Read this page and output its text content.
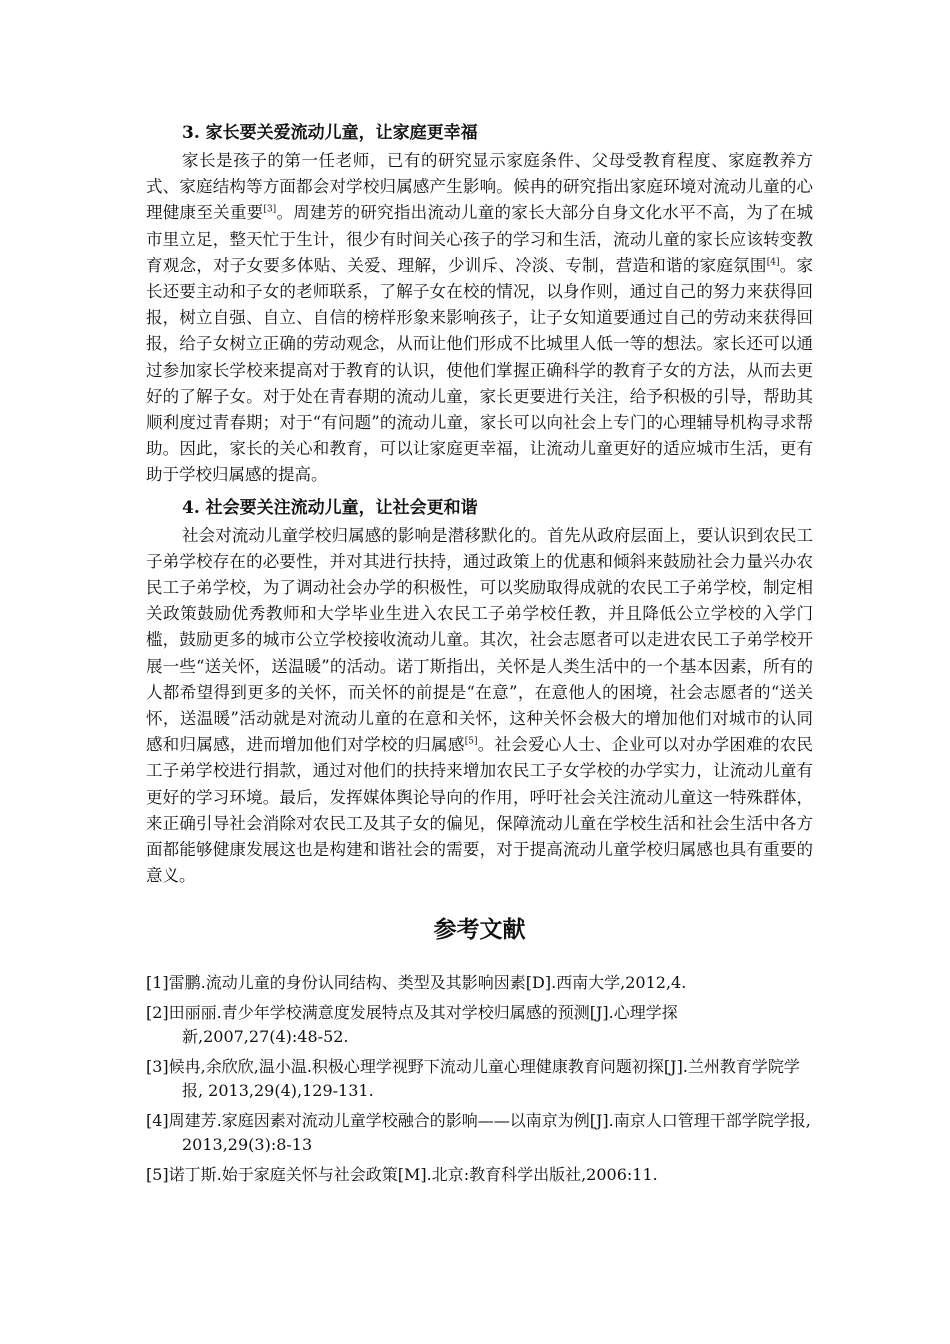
3. 家长要关爱流动儿童，让家庭更幸福

家长是孩子的第一任老师，已有的研究显示家庭条件、父母受教育程度、家庭教养方式、家庭结构等方面都会对学校归属感产生影响。候冉的研究指出家庭环境对流动儿童的心理健康至关重要[3]。周建芳的研究指出流动儿童的家长大部分自身文化水平不高，为了在城市里立足，整天忙于生计，很少有时间关心孩子的学习和生活，流动儿童的家长应该转变教育观念，对子女要多体贴、关爱、理解，少训斥、冷淡、专制，营造和谐的家庭氛围[4]。家长还要主动和子女的老师联系，了解子女在校的情况，以身作则，通过自己的努力来获得回报，树立自强、自立、自信的榜样形象来影响孩子，让子女知道要通过自己的劳动来获得回报，给子女树立正确的劳动观念，从而让他们形成不比城里人低一等的想法。家长还可以通过参加家长学校来提高对于教育的认识，使他们掌握正确科学的教育子女的方法，从而去更好的了解子女。对于处在青春期的流动儿童，家长更要进行关注，给予积极的引导，帮助其顺利度过青春期；对于“有问题”的流动儿童，家长可以向社会上专门的心理辅导机构寻求帮助。因此，家长的关心和教育，可以让家庭更幸福，让流动儿童更好的适应城市生活，更有助于学校归属感的提高。

4. 社会要关注流动儿童，让社会更和谐

社会对流动儿童学校归属感的影响是潜移默化的。首先从政府层面上，要认识到农民工子弟学校存在的必要性，并对其进行扶持，通过政策上的优惠和倾斜来鼓励社会力量兴办农民工子弟学校，为了调动社会办学的积极性，可以奖励取得成就的农民工子弟学校，制定相关政策鼓励优秀教师和大学毕业生进入农民工子弟学校任教，并且降低公立学校的入学门槛，鼓励更多的城市公立学校接收流动儿童。其次，社会志愿者可以走进农民工子弟学校开展一些“送关怀，送温暖”的活动。诺丁斯指出，关怀是人类生活中的一个基本因素，所有的人都希望得到更多的关怀，而关怀的前提是“在意”，在意他人的困境，社会志愿者的“送关怀，送温暖”活动就是对流动儿童的在意和关怀，这种关怀会极大的增加他们对城市的认同感和归属感，进而增加他们对学校的归属感[5]。社会爱心人士、企业可以对办学困难的农民工子弟学校进行捐款，通过对他们的扶持来增加农民工子女学校的办学实力，让流动儿童有更好的学习环境。最后，发挥媒体舆论导向的作用，呼吁社会关注流动儿童这一特殊群体，来正确引导社会消除对农民工及其子女的偏见，保障流动儿童在学校生活和社会生活中各方面都能够健康发展这也是构建和谐社会的需要，对于提高流动儿童学校归属感也具有重要的意义。

参考文献
[1]雷鹏.流动儿童的身份认同结构、类型及其影响因素[D].西南大学,2012,4.
[2]田丽丽.青少年学校满意度发展特点及其对学校归属感的预测[J].心理学探新,2007,27(4):48-52.
[3]候冉,余欣欣,温小温.积极心理学视野下流动儿童心理健康教育问题初探[J].兰州教育学院学报, 2013,29(4),129-131.
[4]周建芳.家庭因素对流动儿童学校融合的影响——以南京为例[J].南京人口管理干部学院学报, 2013,29(3):8-13
[5]诺丁斯.始于家庭关怀与社会政策[M].北京:教育科学出版社,2006:11.
